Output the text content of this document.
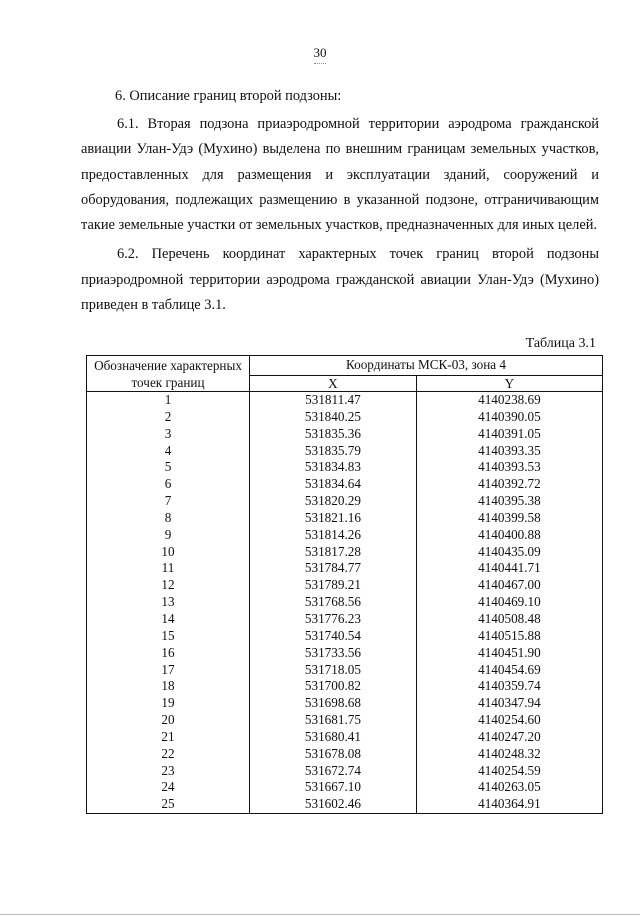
30

6. Описание границ второй подзоны:

6.1. Вторая подзона приаэродромной территории аэродрома гражданской авиации Улан-Удэ (Мухино) выделена по внешним границам земельных участков, предоставленных для размещения и эксплуатации зданий, сооружений и оборудования, подлежащих размещению в указанной подзоне, отграничивающим такие земельные участки от земельных участков, предназначенных для иных целей.

6.2. Перечень координат характерных точек границ второй подзоны приаэродромной территории аэродрома гражданской авиации Улан-Удэ (Мухино) приведен в таблице 3.1.

Таблица 3.1
Обозначение характерных точек границ	Координаты МСК-03, зона 4	
	X	Y
1	531811.47	4140238.69
2	531840.25	4140390.05
3	531835.36	4140391.05
4	531835.79	4140393.35
5	531834.83	4140393.53
6	531834.64	4140392.72
7	531820.29	4140395.38
8	531821.16	4140399.58
9	531814.26	4140400.88
10	531817.28	4140435.09
11	531784.77	4140441.71
12	531789.21	4140467.00
13	531768.56	4140469.10
14	531776.23	4140508.48
15	531740.54	4140515.88
16	531733.56	4140451.90
17	531718.05	4140454.69
18	531700.82	4140359.74
19	531698.68	4140347.94
20	531681.75	4140254.60
21	531680.41	4140247.20
22	531678.08	4140248.32
23	531672.74	4140254.59
24	531667.10	4140263.05
25	531602.46	4140364.91
